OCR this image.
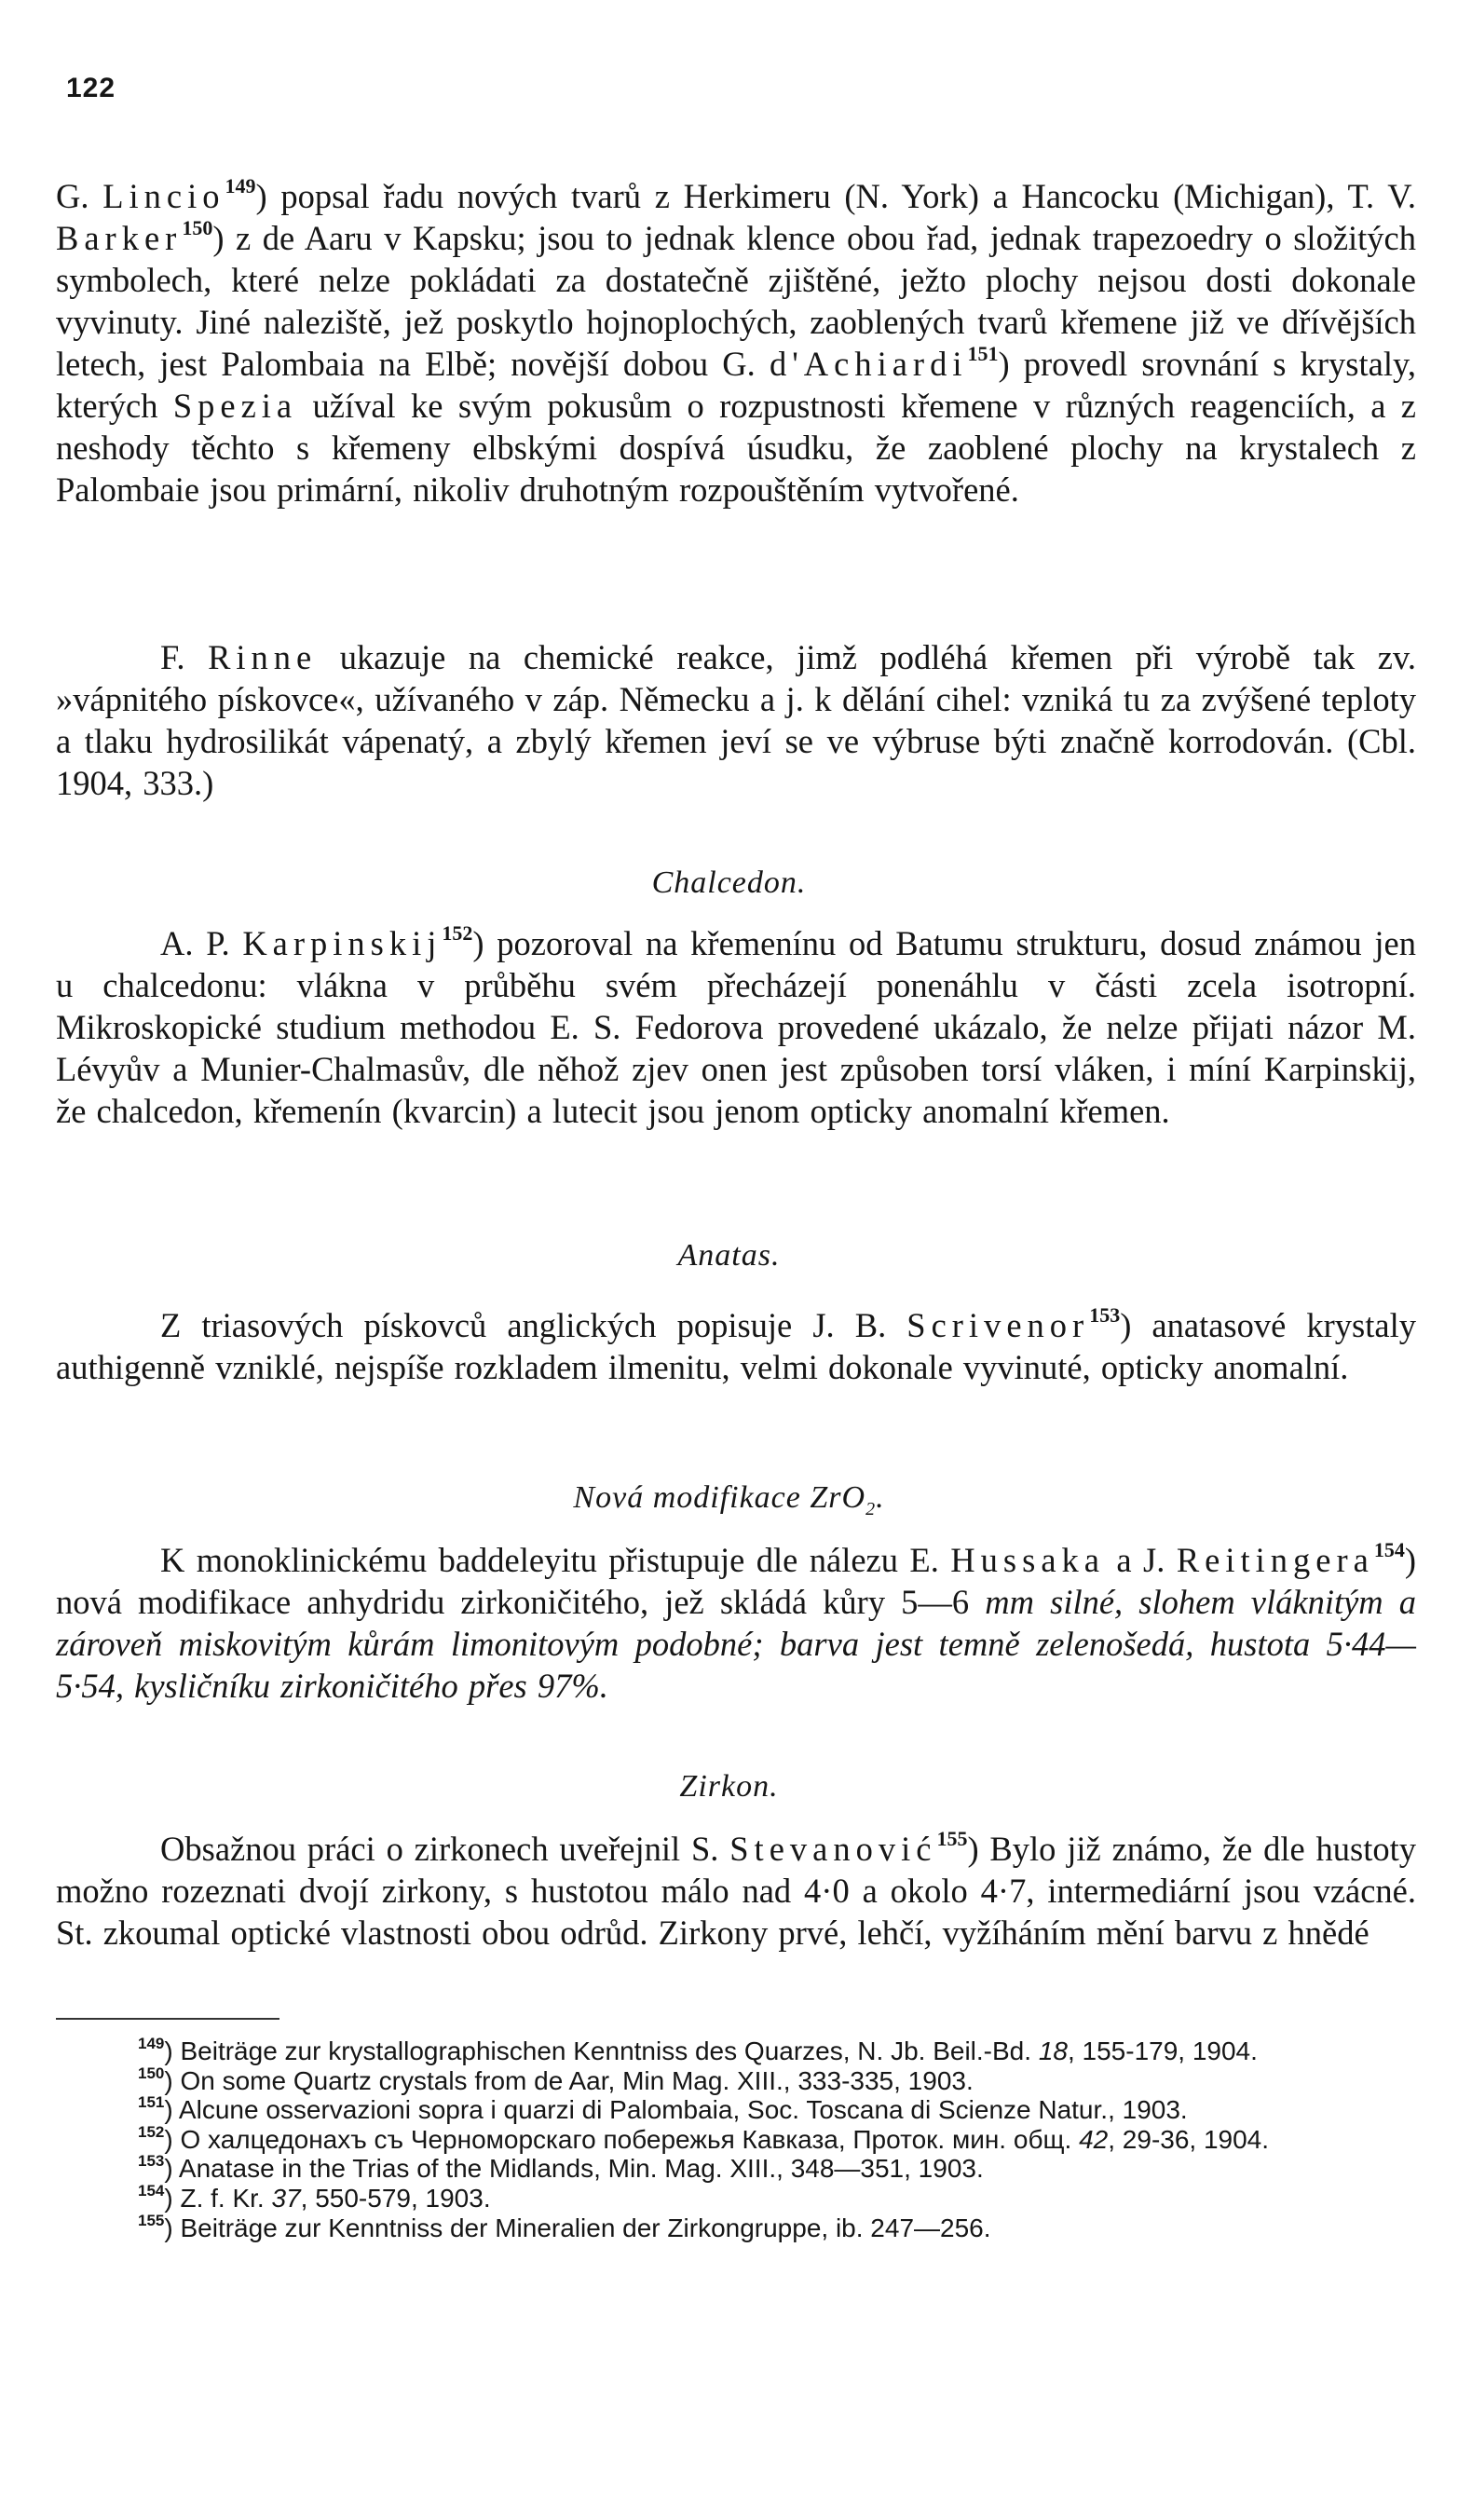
122

G. Lincio$^{149}$) popsal řadu nových tvarů z Herkimeru (N. York) a Hancocku (Michigan), T. V. Barker$^{150}$) z de Aaru v Kapsku; jsou to jednak klence obou řad, jednak trapezoedry o složitých symbolech, které nelze pokládati za dostatečně zjištěné, ježto plochy nejsou dosti dokonale vyvinuty. Jiné naleziště, jež poskytlo hojnoplochých, zaoblených tvarů křemene již ve dřívějších letech, jest Palombaia na Elbě; novější dobou G. d'Achiardi$^{151}$) provedl srovnání s krystaly, kterých Spezia užíval ke svým pokusům o rozpustnosti křemene v různých reagenciích, a z neshody těchto s křemeny elbskými dospívá úsudku, že zaoblené plochy na krystalech z Palombaie jsou primární, nikoliv druhotným rozpouštěním vytvořené.

F. Rinne ukazuje na chemické reakce, jimž podléhá křemen při výrobě tak zv. »vápnitého pískovce«, užívaného v záp. Německu a j. k dělání cihel: vzniká tu za zvýšené teploty a tlaku hydrosilikát vápenatý, a zbylý křemen jeví se ve výbruse býti značně korrodován. (Cbl. 1904, 333.)

Chalcedon.

A. P. Karpinskij$^{152}$) pozoroval na křemenínu od Batumu strukturu, dosud známou jen u chalcedonu: vlákna v průběhu svém přecházejí ponenáhlu v části zcela isotropní. Mikroskopické studium methodou E. S. Fedorova provedené ukázalo, že nelze přijati názor M. Lévyův a Munier-Chalmasův, dle něhož zjev onen jest způsoben torsí vláken, i míní Karpinskij, že chalcedon, křemenín (kvarcin) a lutecit jsou jenom opticky anomalní křemen.

Anatas.

Z triasových pískovců anglických popisuje J. B. Scrivenor$^{153}$) anatasové krystaly authigenně vzniklé, nejspíše rozkladem ilmenitu, velmi dokonale vyvinuté, opticky anomalní.

Nová modifikace ZrO$_2$.

K monoklinickému baddeleyitu přistupuje dle nálezu E. Hussaka a J. Reitingera$^{154}$) nová modifikace anhydridu zirkoničitého, jež skládá kůry 5—6 mm silné, slohem vláknitým a zároveň miskovitým kůrám limonitovým podobné; barva jest temně zelenošedá, hustota 5·44—5·54, kysličníku zirkoničitého přes 97%.

Zirkon.

Obsažnou práci o zirkonech uveřejnil S. Stevanović$^{155}$) Bylo již známo, že dle hustoty možno rozeznati dvojí zirkony, s hustotou málo nad 4·0 a okolo 4·7, intermediární jsou vzácné. St. zkoumal optické vlastnosti obou odrůd. Zirkony prvé, lehčí, vyžíháním mění barvu z hnědé

$^{149}$) Beiträge zur krystallographischen Kenntniss des Quarzes, N. Jb. Beil.-Bd. 18, 155-179, 1904.

$^{150}$) On some Quartz crystals from de Aar, Min Mag. XIII., 333-335, 1903.

$^{151}$) Alcune osservazioni sopra i quarzi di Palombaia, Soc. Toscana di Scienze Natur., 1903.

$^{152}$) О халцедонахъ съ Черноморскаго побережья Кавказа, Проток. мин. общ. 42, 29-36, 1904.

$^{153}$) Anatase in the Trias of the Midlands, Min. Mag. XIII., 348—351, 1903.

$^{154}$) Z. f. Kr. 37, 550-579, 1903.

$^{155}$) Beiträge zur Kenntniss der Mineralien der Zirkongruppe, ib. 247—256.
